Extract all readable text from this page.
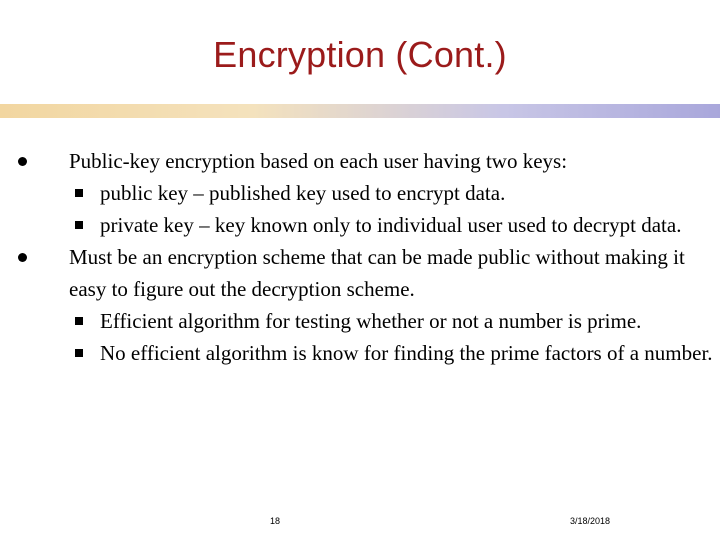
Encryption (Cont.)
Public-key encryption based on each user having two keys:
public key – published key used to encrypt data.
private key – key known only to individual user used to decrypt data.
Must be an encryption scheme that can be made public without making it easy to figure out the decryption scheme.
Efficient algorithm for testing whether or not a number is prime.
No efficient algorithm is know for finding the prime factors of a number.
18	3/18/2018
